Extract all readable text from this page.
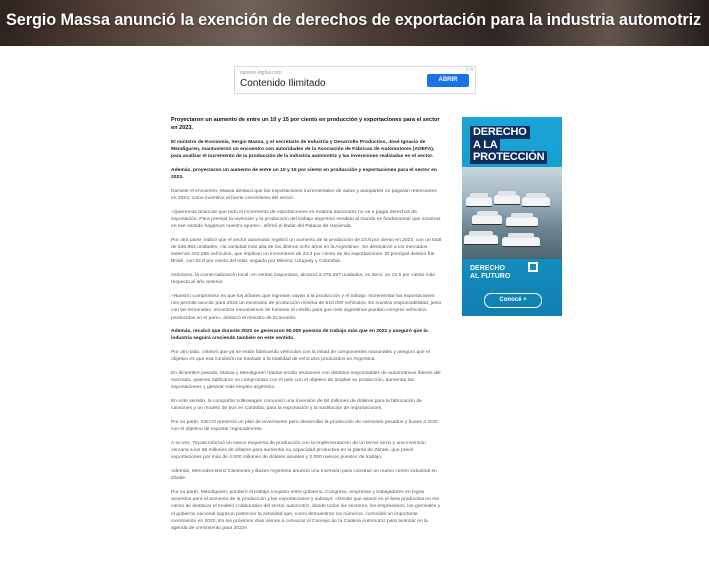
Sergio Massa anunció la exención de derechos de exportación para la industria automotriz
opinion-digital.com
Contenido Ilimitado	ABRIR
▷✕

Proyectaron un aumento de entre un 10 y 15 por ciento en producción y exportaciones para el sector en 2023.

El ministro de Economía, Sergio Massa, y el secretario de Industria y Desarrollo Productivo, José Ignacio de Mendiguren, mantuvieron un encuentro con autoridades de la Asociación de Fábricas de Automotores (ADEFA), para analizar el incremento de la producción de la industria automotriz y las inversiones realizadas en el sector.

Además, proyectaron un aumento de entre un 10 y 15 por ciento en producción y exportaciones para el sector en 2023.

Durante el encuentro, Massa destacó que las exportaciones incrementales de autos y autopartes no pagarán retenciones en 2023, como incentivo al fuerte crecimiento del sector.

«Queremos anunciar que todo el incremento de exportaciones en materia automotriz no va a pagar derechos de exportación. Para premiar la inversión y la producción del trabajo argentino vendido al mundo es fundamental que nosotros en ese sentido hagamos nuestro aporte», afirmó el titular del Palacio de Hacienda.

Por otra parte, indicó que el sector automotor registró un aumento de la producción de 23,5 por ciento en 2022, con un total de 536.893 unidades, «la cantidad más alta de los últimos ocho años en la Argentina». Se destinaron a los mercados externos 322.286 vehículos, que implican un incremento de 24,3 por ciento de las exportaciones. El principal destino fue Brasil, con 62,8 por ciento del total, seguido por México, Uruguay y Colombia.

Asimismo, la comercialización local, en ventas mayoristas, alcanzó a 376.257 unidades, es decir, un 12,5 por ciento más respecto al año anterior.

«Nuestro compromiso es que los dólares que ingresan vayan a la producción y el trabajo. Incrementar las exportaciones nos permite asociar para 2023 un escenario de producción mínima de 610.000 vehículos. Es nuestra responsabilidad, junto con las terminales, encontrar mecanismos de fomento al crédito para que más argentinos puedan comprar vehículos producidos en el país», destacó el ministro de Economía.

Además, recalcó que durante 2022 se generaron 50.000 puestos de trabajo más que en 2021 y aseguró que la industria seguirá creciendo también en este sentido.

Por otro lado, celebró que ya se están fabricando vehículos con la mitad de componentes nacionales y aseguró que el objetivo es que esa condición se traslade a la totalidad de vehículos producidos en Argentina.

En diciembre pasado, Massa y Mendiguren habían tenido reuniones con distintos responsables de automotrices líderes del mercado, quienes ratificaron su compromiso con el país con el objetivo de ampliar su producción, aumentar las exportaciones y generar más empleo argentino.

En este sentido, la compañía Volkswagen comunicó una inversión de 50 millones de dólares para la fabricación de camiones y un modelo de bus en Córdoba, para la exportación y la sustitución de importaciones.

Por su parte, IVECO presentó un plan de inversiones para desarrollar la producción de camiones pesados y buses a GNC con el objetivo de exportar regionalmente.

A su vez, Toyota informó un nuevo esquema de producción con la implementación de un tercer turno y una inversión cercana a los 65 millones de dólares para aumentar su capacidad productiva en la planta de Zárate, que prevé exportaciones por más de 4.000 millones de dólares anuales y 2.000 nuevos puestos de trabajo.

Además, Mercedes-Benz Camiones y Buses Argentina anunció una inversión para construir un nuevo centro industrial en Zárate.

Por su parte, Mendiguren, ponderó el trabajo conjunto entre gobierno, Congreso, empresas y trabajadores en lograr acuerdos para el aumento de la producción y las exportaciones y subrayó: «Desde que asumí en el área productiva no me canso de destacar el modelo colaborativo del sector automotriz, donde todos los sectores, los empresarios, los gremiales y el gobierno nacional lograron potenciar la actividad que, como demuestran los números, consolidó un importante crecimiento en 2022. En los próximos días vamos a convocar al Consejo de la Cadena Automotriz para avanzar en la agenda de crecimiento para 2023».

DERECHO
A LA
PROTECCIÓN
DERECHO
AL FUTURO
Conocé +
